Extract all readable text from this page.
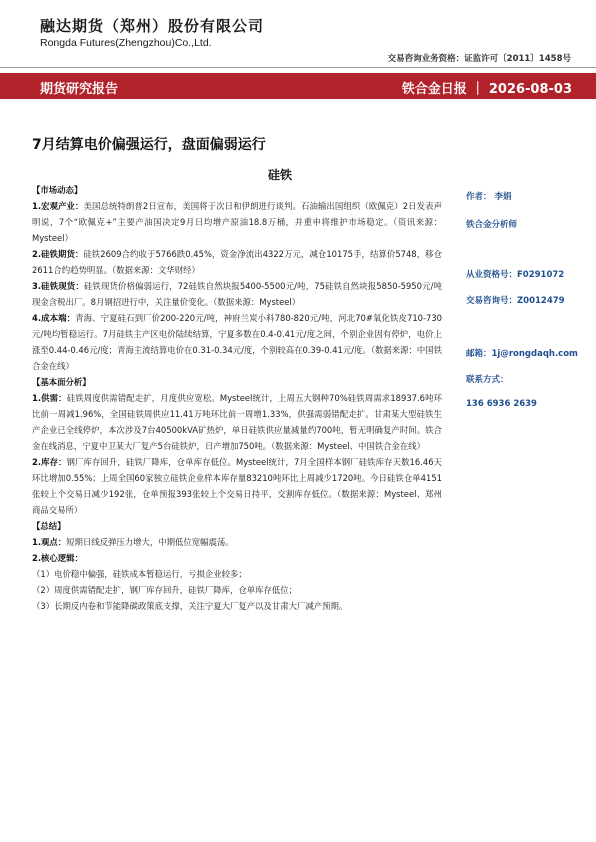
融达期货（郑州）股份有限公司
Rongda Futures(Zhengzhou)Co.,Ltd.
交易咨询业务资格：证监许可〔2011〕1458号
期货研究报告	铁合金日报 ｜ 2026-08-03
7月结算电价偏强运行，盘面偏弱运行
硅铁
【市场动态】
1.宏观产业：美国总统特朗普2日宣布，美国将于次日和伊朗进行谈判。石油输出国组织（欧佩克）2日发表声明说，7个“欧佩克+”主要产油国决定9月日均增产原油18.8万桶，并重申将维护市场稳定。（资讯来源：Mysteel）
2.硅铁期货：硅铁2609合约收于5766跌0.45%，资金净流出4322万元，减仓10175手，结算价5748，移仓2611合约趋势明显。（数据来源：文华财经）
3.硅铁现货：硅铁现货价格偏弱运行，72硅铁自然块报5400-5500元/吨，75硅铁自然块报5850-5950元/吨现金含税出厂。8月钢招进行中，关注量价变化。（数据来源：Mysteel）
4.成本端：青海、宁夏硅石到厂价200-220元/吨，神府兰炭小料780-820元/吨，河北70#氧化铁皮710-730元/吨均暂稳运行。7月硅铁主产区电价陆续结算，宁夏多数在0.4-0.41元/度之间，个别企业因有停炉，电价上涨至0.44-0.46元/度；青海主流结算电价在0.31-0.34元/度，个别较高在0.39-0.41元/度。（数据来源：中国铁合金在线）
【基本面分析】
1.供需：硅铁周度供需错配走扩，月度供应宽松。Mysteel统计，上周五大钢种70%硅铁周需求18937.6吨环比前一周减1.96%，全国硅铁周供应11.41万吨环比前一周增1.33%，供强需弱错配走扩。甘肃某大型硅铁生产企业已全线停炉，本次涉及7台40500kVA矿热炉，单日硅铁供应量减量约700吨，暂无明确复产时间。铁合金在线消息，宁夏中卫某大厂复产5台硅铁炉，日产增加750吨。（数据来源：Mysteel、中国铁合金在线）
2.库存：钢厂库存回升，硅铁厂降库，仓单库存低位。Mysteel统计，7月全国样本钢厂硅铁库存天数16.46天环比增加0.55%；上周全国60家独立硅铁企业样本库存量83210吨环比上周减少1720吨。今日硅铁仓单4151张较上个交易日减少192张，仓单预报393张较上个交易日持平，交割库存低位。（数据来源：Mysteel、郑州商品交易所）
【总结】
1.观点：短期日线反弹压力增大，中期低位宽幅震荡。
2.核心逻辑：
（1）电价稳中偏强，硅铁成本暂稳运行，亏损企业较多；
（2）周度供需错配走扩，钢厂库存回升，硅铁厂降库，仓单库存低位；
（3）长期反内卷和节能降碳政策底支撑，关注宁夏大厂复产以及甘肃大厂减产预期。
作者： 李娟
铁合金分析师
从业资格号：F0291072
交易咨询号：Z0012479
邮箱：1j@rongdaqh.com
联系方式：
136 6936 2639
